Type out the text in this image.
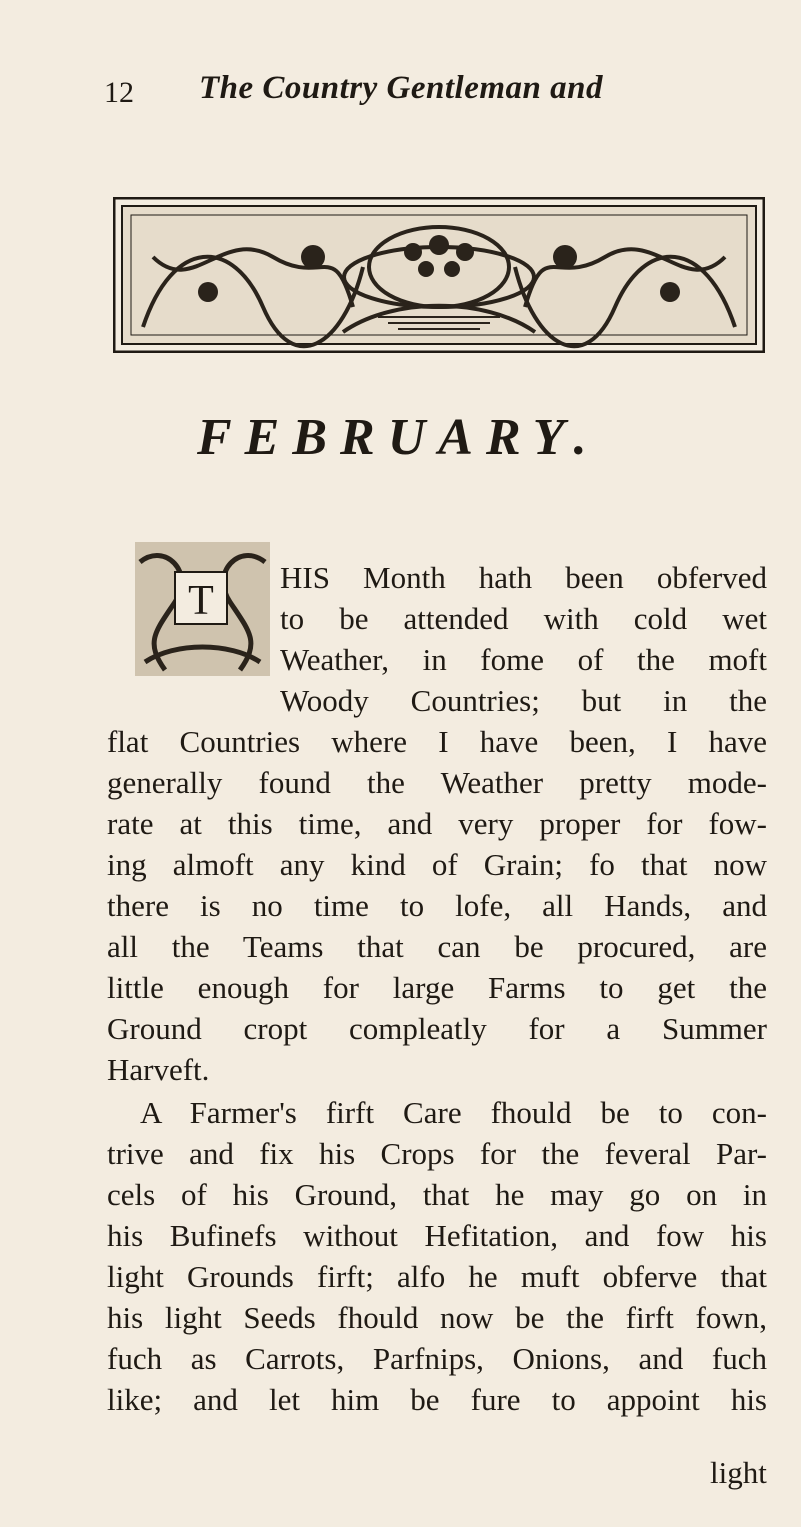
12 The Country Gentleman and
FEBRUARY.
T
HIS Month hath been obferved
to be attended with cold wet
Weather, in fome of the moft
Woody Countries; but in the
flat Countries where I have been, I have
generally found the Weather pretty mode-
rate at this time, and very proper for fow-
ing almoft any kind of Grain; fo that now
there is no time to lofe, all Hands, and
all the Teams that can be procured, are
little enough for large Farms to get the
Ground cropt compleatly for a Summer
Harveft.
A Farmer's firft Care fhould be to con-
trive and fix his Crops for the feveral Par-
cels of his Ground, that he may go on in
his Bufinefs without Hefitation, and fow his
light Grounds firft; alfo he muft obferve that
his light Seeds fhould now be the firft fown,
fuch as Carrots, Parfnips, Onions, and fuch
like; and let him be fure to appoint his
light
